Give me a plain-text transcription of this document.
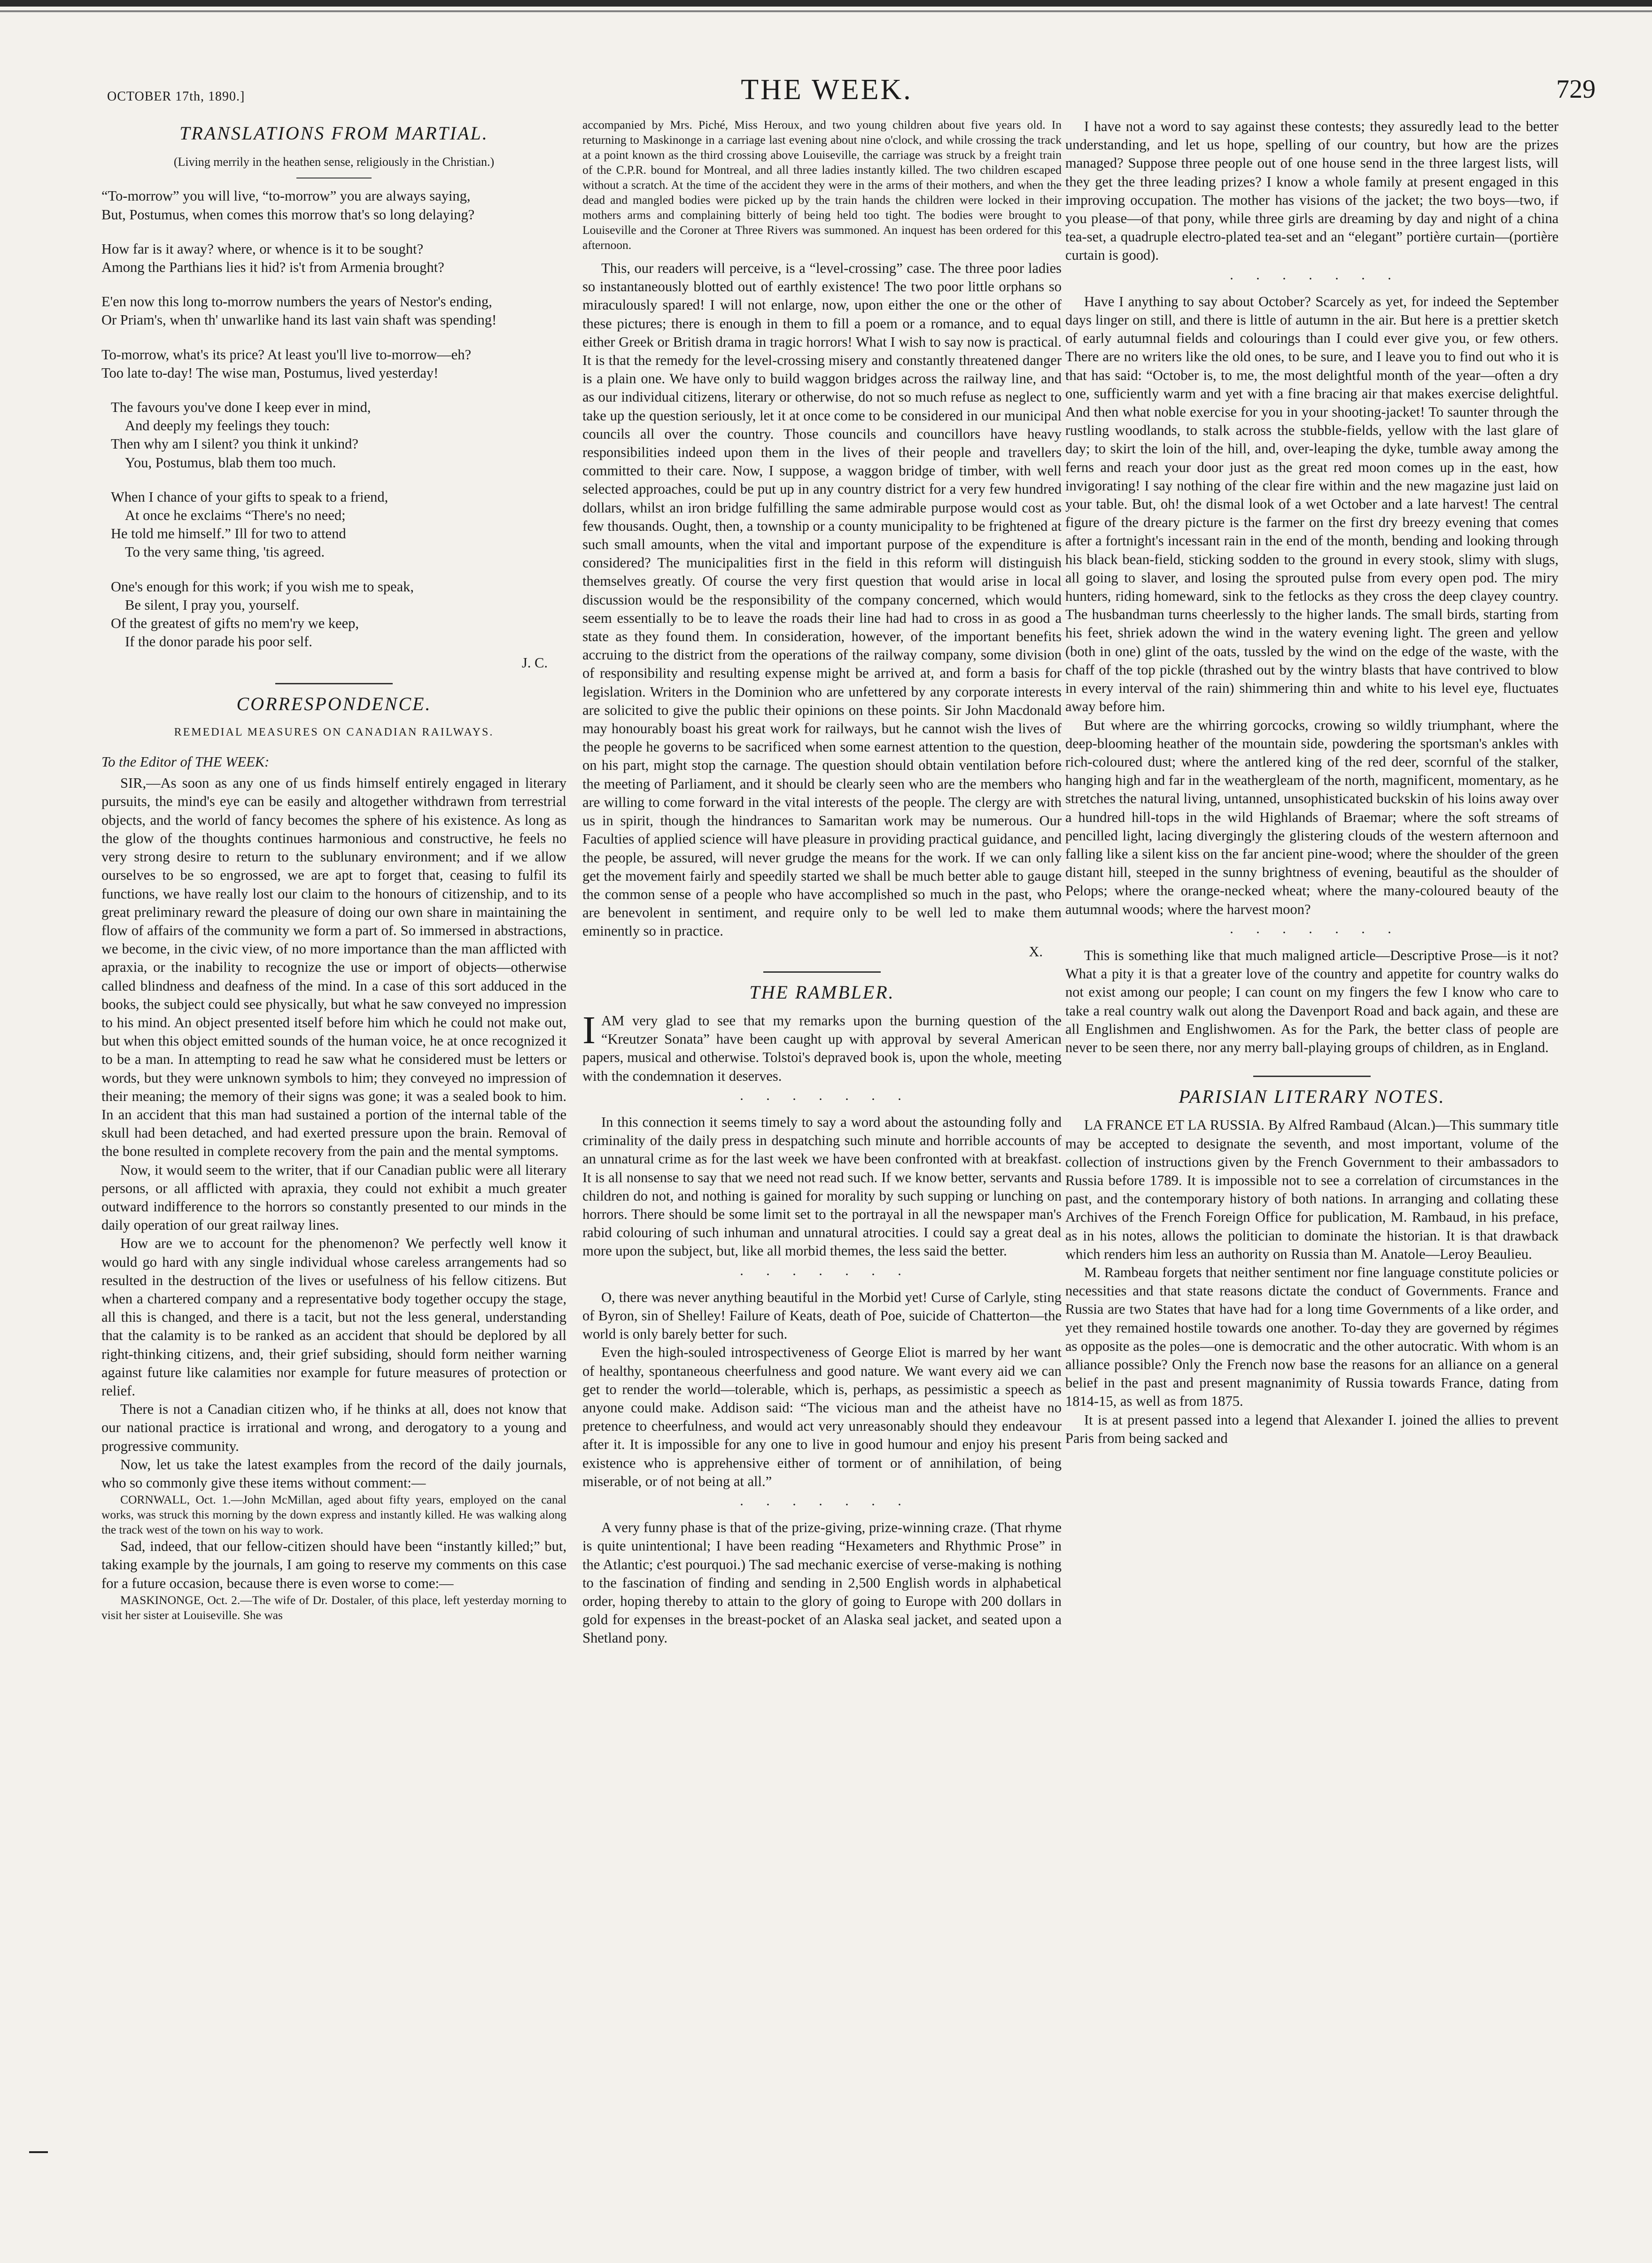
OCTOBER 17th, 1890.]	THE WEEK.	729
TRANSLATIONS FROM MARTIAL.
(Living merrily in the heathen sense, religiously in the Christian.)
“To-morrow” you will live, “to-morrow” you are always saying,
But, Postumus, when comes this morrow that's so long delaying?
How far is it away? where, or whence is it to be sought?
Among the Parthians lies it hid? is't from Armenia brought?
E'en now this long to-morrow numbers the years of Nestor's ending,
Or Priam's, when th' unwarlike hand its last vain shaft was spending!
To-morrow, what's its price? At least you'll live to-morrow—eh?
Too late to-day! The wise man, Postumus, lived yesterday!
The favours you've done I keep ever in mind,
And deeply my feelings they touch:
Then why am I silent? you think it unkind?
You, Postumus, blab them too much.
When I chance of your gifts to speak to a friend,
At once he exclaims “There's no need;
He told me himself.” Ill for two to attend
To the very same thing, 'tis agreed.
One's enough for this work; if you wish me to speak,
Be silent, I pray you, yourself.
Of the greatest of gifts no mem'ry we keep,
If the donor parade his poor self.
J. C.
CORRESPONDENCE.
REMEDIAL MEASURES ON CANADIAN RAILWAYS.
To the Editor of THE WEEK:

SIR,—As soon as any one of us finds himself entirely engaged in literary pursuits, the mind's eye can be easily and altogether withdrawn from terrestrial objects, and the world of fancy becomes the sphere of his existence. As long as the glow of the thoughts continues harmonious and constructive, he feels no very strong desire to return to the sublunary environment; and if we allow ourselves to be so engrossed, we are apt to forget that, ceasing to fulfil its functions, we have really lost our claim to the honours of citizenship, and to its great preliminary reward the pleasure of doing our own share in maintaining the flow of affairs of the community we form a part of. So immersed in abstractions, we become, in the civic view, of no more importance than the man afflicted with apraxia, or the inability to recognize the use or import of objects—otherwise called blindness and deafness of the mind. In a case of this sort adduced in the books, the subject could see physically, but what he saw conveyed no impression to his mind. An object presented itself before him which he could not make out, but when this object emitted sounds of the human voice, he at once recognized it to be a man. In attempting to read he saw what he considered must be letters or words, but they were unknown symbols to him; they conveyed no impression of their meaning; the memory of their signs was gone; it was a sealed book to him. In an accident that this man had sustained a portion of the internal table of the skull had been detached, and had exerted pressure upon the brain. Removal of the bone resulted in complete recovery from the pain and the mental symptoms.

Now, it would seem to the writer, that if our Canadian public were all literary persons, or all afflicted with apraxia, they could not exhibit a much greater outward indifference to the horrors so constantly presented to our minds in the daily operation of our great railway lines.

How are we to account for the phenomenon? We perfectly well know it would go hard with any single individual whose careless arrangements had so resulted in the destruction of the lives or usefulness of his fellow citizens. But when a chartered company and a representative body together occupy the stage, all this is changed, and there is a tacit, but not the less general, understanding that the calamity is to be ranked as an accident that should be deplored by all right-thinking citizens, and, their grief subsiding, should form neither warning against future like calamities nor example for future measures of protection or relief.

There is not a Canadian citizen who, if he thinks at all, does not know that our national practice is irrational and wrong, and derogatory to a young and progressive community.

Now, let us take the latest examples from the record of the daily journals, who so commonly give these items without comment:—

CORNWALL, Oct. 1.—John McMillan, aged about fifty years, employed on the canal works, was struck this morning by the down express and instantly killed. He was walking along the track west of the town on his way to work.

Sad, indeed, that our fellow-citizen should have been “instantly killed;” but, taking example by the journals, I am going to reserve my comments on this case for a future occasion, because there is even worse to come:—

MASKINONGE, Oct. 2.—The wife of Dr. Dostaler, of this place, left yesterday morning to visit her sister at Louiseville. She was

accompanied by Mrs. Piché, Miss Heroux, and two young children about five years old. In returning to Maskinonge in a carriage last evening about nine o'clock, and while crossing the track at a point known as the third crossing above Louiseville, the carriage was struck by a freight train of the C.P.R. bound for Montreal, and all three ladies instantly killed. The two children escaped without a scratch. At the time of the accident they were in the arms of their mothers, and when the dead and mangled bodies were picked up by the train hands the children were locked in their mothers arms and complaining bitterly of being held too tight. The bodies were brought to Louiseville and the Coroner at Three Rivers was summoned. An inquest has been ordered for this afternoon.

This, our readers will perceive, is a “level-crossing” case. The three poor ladies so instantaneously blotted out of earthly existence! The two poor little orphans so miraculously spared! I will not enlarge, now, upon either the one or the other of these pictures; there is enough in them to fill a poem or a romance, and to equal either Greek or British drama in tragic horrors! What I wish to say now is practical. It is that the remedy for the level-crossing misery and constantly threatened danger is a plain one. We have only to build waggon bridges across the railway line, and as our individual citizens, literary or otherwise, do not so much refuse as neglect to take up the question seriously, let it at once come to be considered in our municipal councils all over the country. Those councils and councillors have heavy responsibilities indeed upon them in the lives of their people and travellers committed to their care. Now, I suppose, a waggon bridge of timber, with well selected approaches, could be put up in any country district for a very few hundred dollars, whilst an iron bridge fulfilling the same admirable purpose would cost as few thousands. Ought, then, a township or a county municipality to be frightened at such small amounts, when the vital and important purpose of the expenditure is considered? The municipalities first in the field in this reform will distinguish themselves greatly. Of course the very first question that would arise in local discussion would be the responsibility of the company concerned, which would seem essentially to be to leave the roads their line had had to cross in as good a state as they found them. In consideration, however, of the important benefits accruing to the district from the operations of the railway company, some division of responsibility and resulting expense might be arrived at, and form a basis for legislation. Writers in the Dominion who are unfettered by any corporate interests are solicited to give the public their opinions on these points. Sir John Macdonald may honourably boast his great work for railways, but he cannot wish the lives of the people he governs to be sacrificed when some earnest attention to the question, on his part, might stop the carnage. The question should obtain ventilation before the meeting of Parliament, and it should be clearly seen who are the members who are willing to come forward in the vital interests of the people. The clergy are with us in spirit, though the hindrances to Samaritan work may be numerous. Our Faculties of applied science will have pleasure in providing practical guidance, and the people, be assured, will never grudge the means for the work. If we can only get the movement fairly and speedily started we shall be much better able to gauge the common sense of a people who have accomplished so much in the past, who are benevolent in sentiment, and require only to be well led to make them eminently so in practice.

X.
THE RAMBLER.

IAM very glad to see that my remarks upon the burning question of the “Kreutzer Sonata” have been caught up with approval by several American papers, musical and otherwise. Tolstoi's depraved book is, upon the whole, meeting with the condemnation it deserves.

·······

In this connection it seems timely to say a word about the astounding folly and criminality of the daily press in despatching such minute and horrible accounts of an unnatural crime as for the last week we have been confronted with at breakfast. It is all nonsense to say that we need not read such. If we know better, servants and children do not, and nothing is gained for morality by such supping or lunching on horrors. There should be some limit set to the portrayal in all the newspaper man's rabid colouring of such inhuman and unnatural atrocities. I could say a great deal more upon the subject, but, like all morbid themes, the less said the better.

·······

O, there was never anything beautiful in the Morbid yet! Curse of Carlyle, sting of Byron, sin of Shelley! Failure of Keats, death of Poe, suicide of Chatterton—the world is only barely better for such.

Even the high-souled introspectiveness of George Eliot is marred by her want of healthy, spontaneous cheerfulness and good nature. We want every aid we can get to render the world—tolerable, which is, perhaps, as pessimistic a speech as anyone could make. Addison said: “The vicious man and the atheist have no pretence to cheerfulness, and would act very unreasonably should they endeavour after it. It is impossible for any one to live in good humour and enjoy his present existence who is apprehensive either of torment or of annihilation, of being miserable, or of not being at all.”

·······

A very funny phase is that of the prize-giving, prize-winning craze. (That rhyme is quite unintentional; I have been reading “Hexameters and Rhythmic Prose” in the Atlantic; c'est pourquoi.) The sad mechanic exercise of verse-making is nothing to the fascination of finding and sending in 2,500 English words in alphabetical order, hoping thereby to attain to the glory of going to Europe with 200 dollars in gold for expenses in the breast-pocket of an Alaska seal jacket, and seated upon a Shetland pony.

I have not a word to say against these contests; they assuredly lead to the better understanding, and let us hope, spelling of our country, but how are the prizes managed? Suppose three people out of one house send in the three largest lists, will they get the three leading prizes? I know a whole family at present engaged in this improving occupation. The mother has visions of the jacket; the two boys—two, if you please—of that pony, while three girls are dreaming by day and night of a china tea-set, a quadruple electro-plated tea-set and an “elegant” portière curtain—(portière curtain is good).

·······

Have I anything to say about October? Scarcely as yet, for indeed the September days linger on still, and there is little of autumn in the air. But here is a prettier sketch of early autumnal fields and colourings than I could ever give you, or few others. There are no writers like the old ones, to be sure, and I leave you to find out who it is that has said: “October is, to me, the most delightful month of the year—often a dry one, sufficiently warm and yet with a fine bracing air that makes exercise delightful. And then what noble exercise for you in your shooting-jacket! To saunter through the rustling woodlands, to stalk across the stubble-fields, yellow with the last glare of day; to skirt the loin of the hill, and, over-leaping the dyke, tumble away among the ferns and reach your door just as the great red moon comes up in the east, how invigorating! I say nothing of the clear fire within and the new magazine just laid on your table. But, oh! the dismal look of a wet October and a late harvest! The central figure of the dreary picture is the farmer on the first dry breezy evening that comes after a fortnight's incessant rain in the end of the month, bending and looking through his black bean-field, sticking sodden to the ground in every stook, slimy with slugs, all going to slaver, and losing the sprouted pulse from every open pod. The miry hunters, riding homeward, sink to the fetlocks as they cross the deep clayey country. The husbandman turns cheerlessly to the higher lands. The small birds, starting from his feet, shriek adown the wind in the watery evening light. The green and yellow (both in one) glint of the oats, tussled by the wind on the edge of the waste, with the chaff of the top pickle (thrashed out by the wintry blasts that have contrived to blow in every interval of the rain) shimmering thin and white to his level eye, fluctuates away before him.

But where are the whirring gorcocks, crowing so wildly triumphant, where the deep-blooming heather of the mountain side, powdering the sportsman's ankles with rich-coloured dust; where the antlered king of the red deer, scornful of the stalker, hanging high and far in the weathergleam of the north, magnificent, momentary, as he stretches the natural living, untanned, unsophisticated buckskin of his loins away over a hundred hill-tops in the wild Highlands of Braemar; where the soft streams of pencilled light, lacing divergingly the glistering clouds of the western afternoon and falling like a silent kiss on the far ancient pine-wood; where the shoulder of the green distant hill, steeped in the sunny brightness of evening, beautiful as the shoulder of Pelops; where the orange-necked wheat; where the many-coloured beauty of the autumnal woods; where the harvest moon?

·······

This is something like that much maligned article—Descriptive Prose—is it not? What a pity it is that a greater love of the country and appetite for country walks do not exist among our people; I can count on my fingers the few I know who care to take a real country walk out along the Davenport Road and back again, and these are all Englishmen and Englishwomen. As for the Park, the better class of people are never to be seen there, nor any merry ball-playing groups of children, as in England.

PARISIAN LITERARY NOTES.

LA FRANCE ET LA RUSSIA. By Alfred Rambaud (Alcan.)—This summary title may be accepted to designate the seventh, and most important, volume of the collection of instructions given by the French Government to their ambassadors to Russia before 1789. It is impossible not to see a correlation of circumstances in the past, and the contemporary history of both nations. In arranging and collating these Archives of the French Foreign Office for publication, M. Rambaud, in his preface, as in his notes, allows the politician to dominate the historian. It is that drawback which renders him less an authority on Russia than M. Anatole—Leroy Beaulieu.

M. Rambeau forgets that neither sentiment nor fine language constitute policies or necessities and that state reasons dictate the conduct of Governments. France and Russia are two States that have had for a long time Governments of a like order, and yet they remained hostile towards one another. To-day they are governed by régimes as opposite as the poles—one is democratic and the other autocratic. With whom is an alliance possible? Only the French now base the reasons for an alliance on a general belief in the past and present magnanimity of Russia towards France, dating from 1814-15, as well as from 1875.

It is at present passed into a legend that Alexander I. joined the allies to prevent Paris from being sacked and
